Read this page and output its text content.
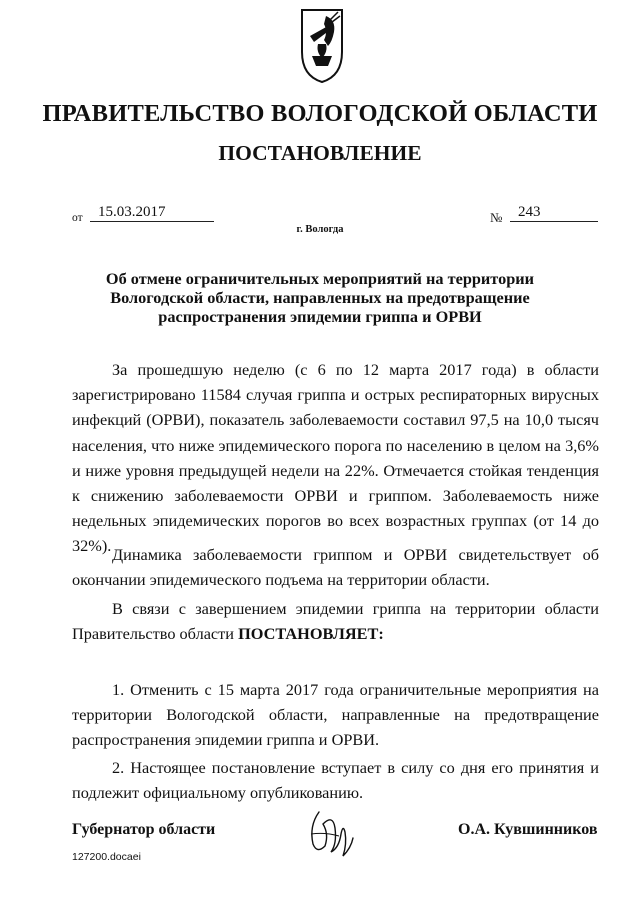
ПРАВИТЕЛЬСТВО ВОЛОГОДСКОЙ ОБЛАСТИ
ПОСТАНОВЛЕНИЕ
от	15.03.2017	№	243
г. Вологда
Об отмене ограничительных мероприятий на территории Вологодской области, направленных на предотвращение распространения эпидемии гриппа и ОРВИ

За прошедшую неделю (с 6 по 12 марта 2017 года) в области зарегистрировано 11584 случая гриппа и острых респираторных вирусных инфекций (ОРВИ), показатель заболеваемости составил 97,5 на 10,0 тысяч населения, что ниже эпидемического порога по населению в целом на 3,6% и ниже уровня предыдущей недели на 22%. Отмечается стойкая тенденция к снижению заболеваемости ОРВИ и гриппом. Заболеваемость ниже недельных эпидемических порогов во всех возрастных группах (от 14 до 32%). Динамика заболеваемости гриппом и ОРВИ свидетельствует об окончании эпидемического подъема на территории области.

В связи с завершением эпидемии гриппа на территории области Правительство области ПОСТАНОВЛЯЕТ:

1. Отменить с 15 марта 2017 года ограничительные мероприятия на территории Вологодской области, направленные на предотвращение распространения эпидемии гриппа и ОРВИ.

2. Настоящее постановление вступает в силу со дня его принятия и подлежит официальному опубликованию.

Губернатор области	О.А. Кувшинников
127200.docaei
